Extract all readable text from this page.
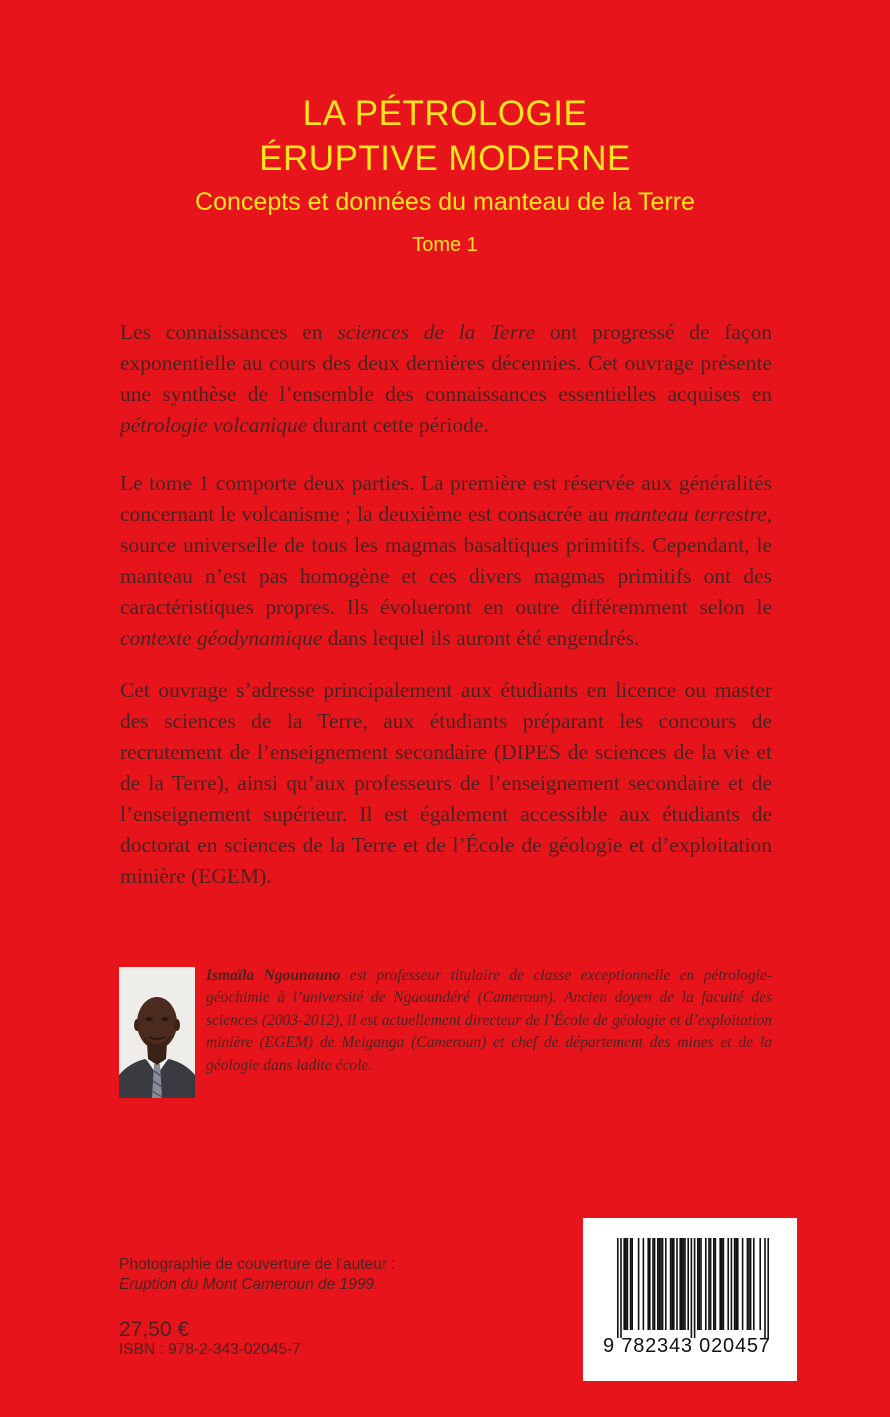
LA PÉTROLOGIE
ÉRUPTIVE MODERNE
Concepts et données du manteau de la Terre
Tome 1

Les connaissances en sciences de la Terre ont progressé de façon exponentielle au cours des deux dernières décennies. Cet ouvrage présente une synthèse de l’ensemble des connaissances essentielles acquises en pétrologie volcanique durant cette période.

Le tome 1 comporte deux parties. La première est réservée aux généralités concernant le volcanisme ; la deuxième est consacrée au manteau terrestre, source universelle de tous les magmas basaltiques primitifs. Cependant, le manteau n’est pas homogène et ces divers magmas primitifs ont des caractéristiques propres. Ils évolueront en outre différemment selon le contexte géodynamique dans lequel ils auront été engendrés.

Cet ouvrage s’adresse principalement aux étudiants en licence ou master des sciences de la Terre, aux étudiants préparant les concours de recrutement de l’enseignement secondaire (DIPES de sciences de la vie et de la Terre), ainsi qu’aux professeurs de l’enseignement secondaire et de l’enseignement supérieur. Il est également accessible aux étudiants de doctorat en sciences de la Terre et de l’École de géologie et d’exploitation minière (EGEM).

Ismaïla Ngounouno est professeur titulaire de classe exceptionnelle en pétrologie-géochimie à l’université de Ngaoundéré (Cameroun). Ancien doyen de la faculté des sciences (2003-2012), il est actuellement directeur de l’École de géologie et d’exploitation minière (EGEM) de Meiganga (Cameroun) et chef de département des mines et de la géologie dans ladite école.

Photographie de couverture de l’auteur :
Eruption du Mont Cameroun de 1999.
27,50 €
ISBN : 978-2-343-02045-7	9 782343 020457
